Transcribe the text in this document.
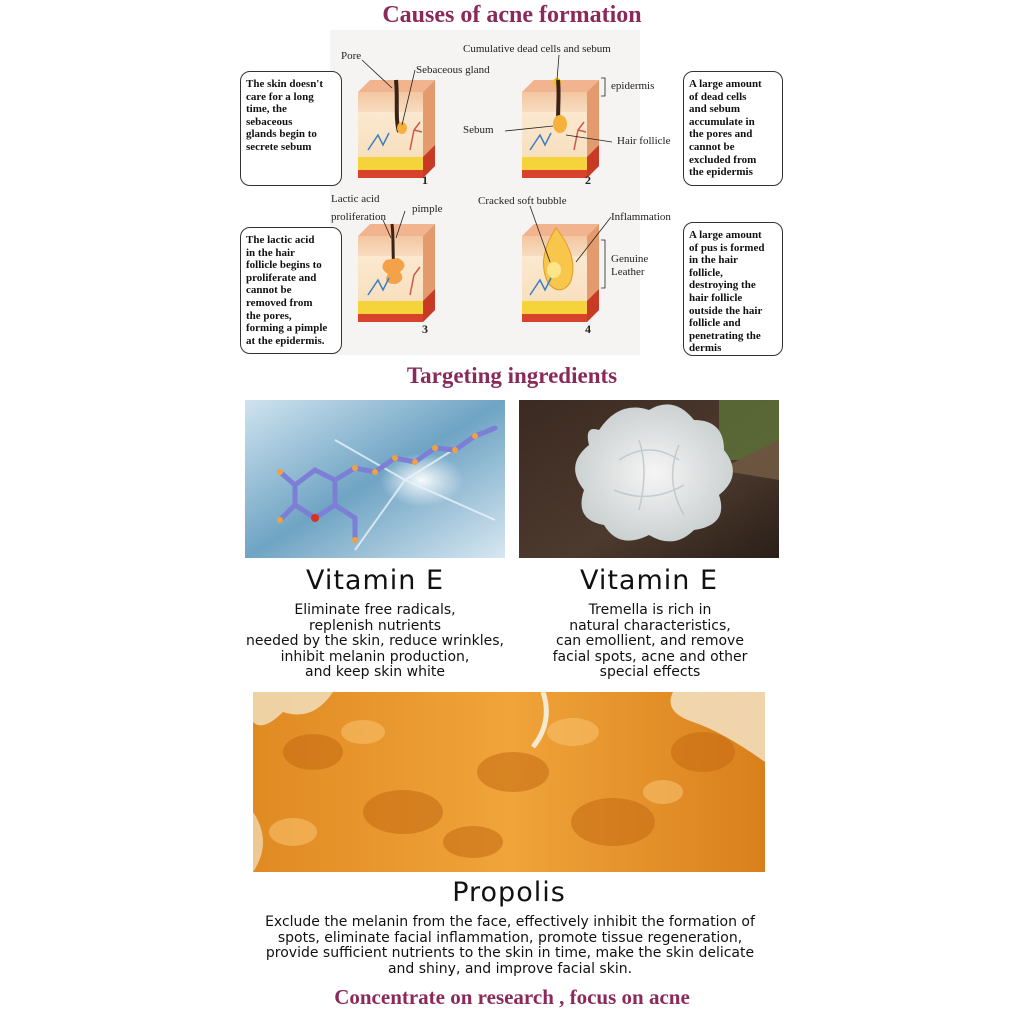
Causes of acne formation
Pore
Sebaceous gland
Cumulative dead cells and sebum
epidermis
Sebum
Hair follicle
Lactic acid
proliferation
pimple
Cracked soft bubble
Inflammation
Genuine
Leather
1	2
3	4
The skin doesn't
care for a long
time, the
sebaceous
glands begin to
secrete sebum
A large amount
of dead cells
and sebum
accumulate in
the pores and
cannot be
excluded from
the epidermis
The lactic acid
in the hair
follicle begins to
proliferate and
cannot be
removed from
the pores,
forming a pimple
at the epidermis.
A large amount
of pus is formed
in the hair
follicle,
destroying the
hair follicle
outside the hair
follicle and
penetrating the
dermis
Targeting ingredients
Vitamin E
Eliminate free radicals,
replenish nutrients
needed by the skin, reduce wrinkles,
inhibit melanin production,
and keep skin white
Vitamin E
Tremella is rich in
natural characteristics,
can emollient, and remove
facial spots, acne and other
special effects
Propolis
Exclude the melanin from the face, effectively inhibit the formation of
spots, eliminate facial inflammation, promote tissue regeneration,
provide sufficient nutrients to the skin in time, make the skin delicate
and shiny, and improve facial skin.
Concentrate on research , focus on acne
